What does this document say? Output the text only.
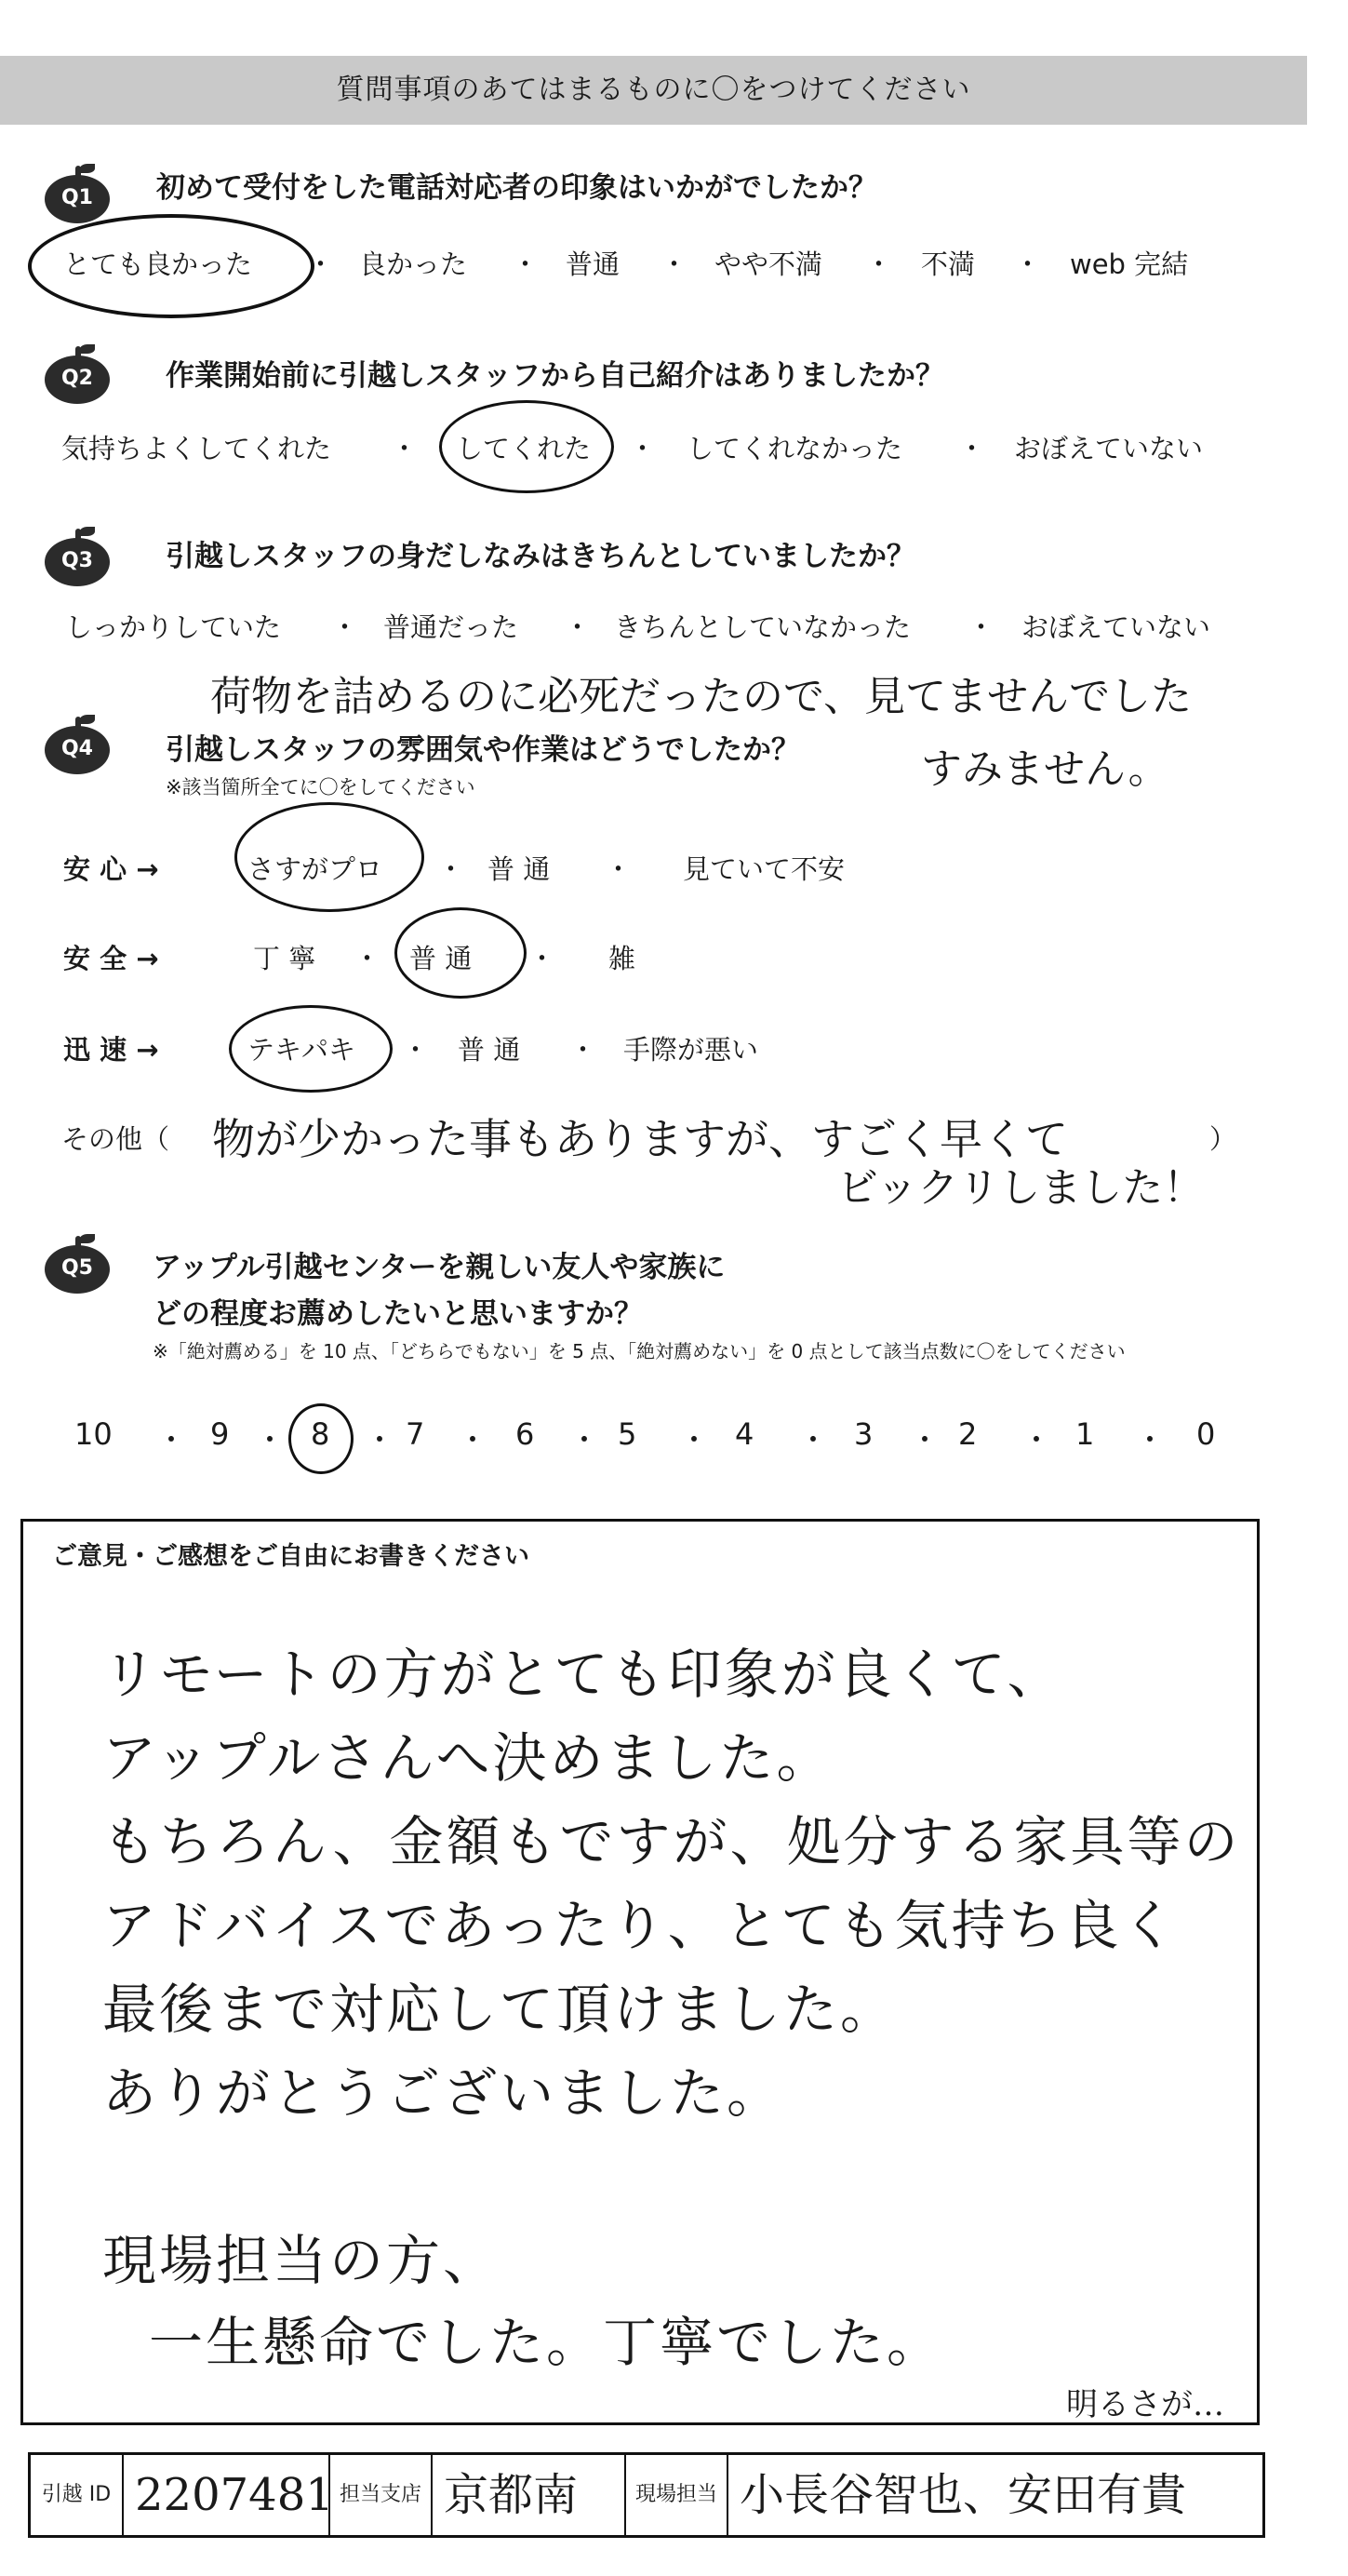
質問事項のあてはまるものに〇をつけてください
Q1	初めて受付をした電話対応者の印象はいかがでしたか？
とても良かった ・ 良かった ・ 普通 ・ やや不満 ・ 不満 ・ web 完結
Q2	作業開始前に引越しスタッフから自己紹介はありましたか？
気持ちよくしてくれた ・ してくれた ・ してくれなかった ・ おぼえていない
Q3	引越しスタッフの身だしなみはきちんとしていましたか？
しっかりしていた ・ 普通だった ・ きちんとしていなかった ・ おぼえていない
荷物を詰めるのに必死だったので、見てませんでした
すみません。
Q4	引越しスタッフの雰囲気や作業はどうでしたか？
※該当箇所全てに〇をしてください
安 心 →	さすがプロ ・ 普 通 ・ 見ていて不安
安 全 →	丁 寧 ・ 普 通 ・ 雑
迅 速 →	テキパキ ・ 普 通 ・ 手際が悪い
その他（ 物が少かった事もありますが、すごく早くて
ビックリしました！
）
Q5	アップル引越センターを親しい友人や家族に
どの程度お薦めしたいと思いますか？
※「絶対薦める」を 10 点、「どちらでもない」を 5 点、「絶対薦めない」を 0 点として該当点数に〇をしてください
10 ・ 9 ・ 8 ・ 7 ・ 6 ・ 5 ・ 4 ・ 3 ・ 2 ・ 1 ・ 0
ご意見・ご感想をご自由にお書きください
リモートの方がとても印象が良くて、
アップルさんへ決めました。
もちろん、金額もですが、処分する家具等の
アドバイスであったり、とても気持ち良く
最後まで対応して頂けました。
ありがとうございました。
現場担当の方、
一生懸命でした。丁寧でした。
明るさが…
引越 ID 2207481 担当支店 京都南	現場担当 小長谷智也、安田有貴
